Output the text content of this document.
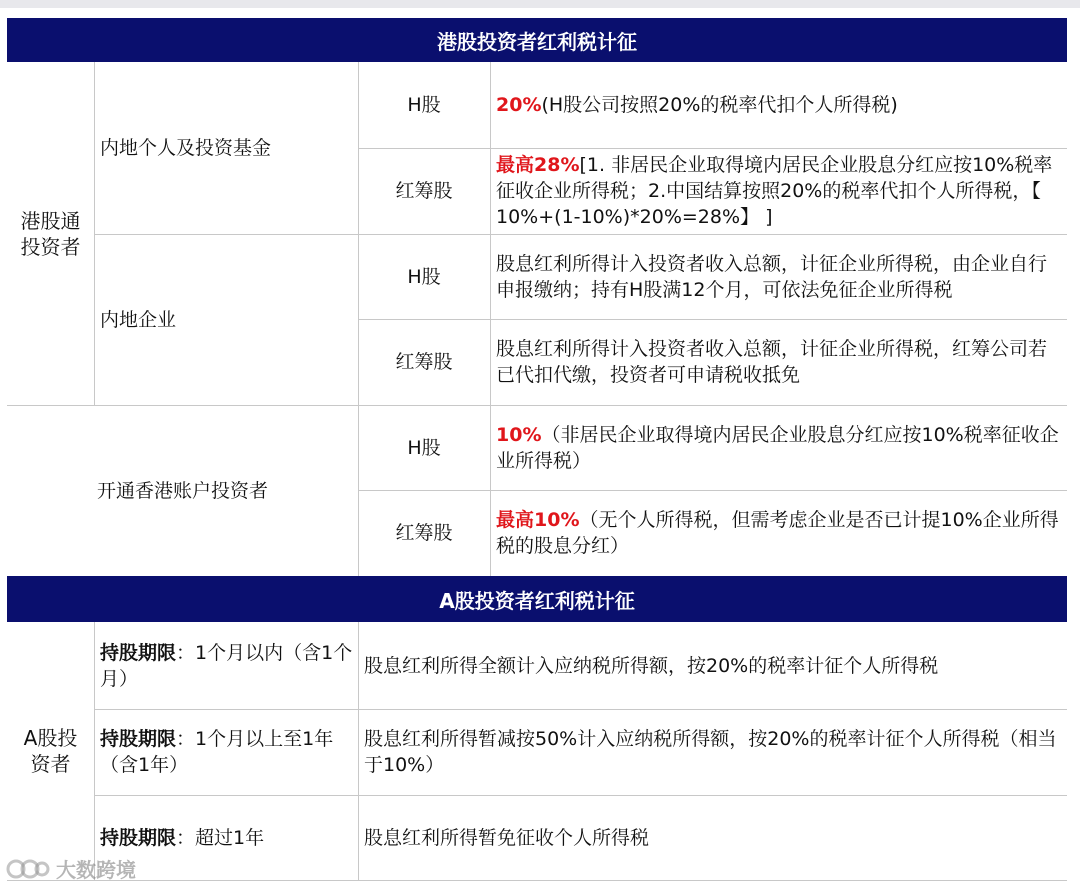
港股投资者红利税计征
港股通
投资者
内地个人及投资基金
内地企业
开通香港账户投资者
H股
红筹股
H股
红筹股
H股
红筹股
20%(H股公司按照20%的税率代扣个人所得税)
最高28%[1. 非居民企业取得境内居民企业股息分红应按10%税率征收企业所得税；2.中国结算按照20%的税率代扣个人所得税，【 10%+(1-10%)*20%=28%】 ]
股息红利所得计入投资者收入总额，计征企业所得税，由企业自行申报缴纳；持有H股满12个月，可依法免征企业所得税
股息红利所得计入投资者收入总额，计征企业所得税，红筹公司若已代扣代缴，投资者可申请税收抵免
10%（非居民企业取得境内居民企业股息分红应按10%税率征收企业所得税）
最高10%（无个人所得税，但需考虑企业是否已计提10%企业所得税的股息分红）
A股投资者红利税计征
A股投
资者
持股期限：1个月以内（含1个月）
持股期限：1个月以上至1年（含1年）
持股期限：超过1年
股息红利所得全额计入应纳税所得额，按20%的税率计征个人所得税
股息红利所得暂减按50%计入应纳税所得额，按20%的税率计征个人所得税（相当于10%）
股息红利所得暂免征收个人所得税
大数跨境
